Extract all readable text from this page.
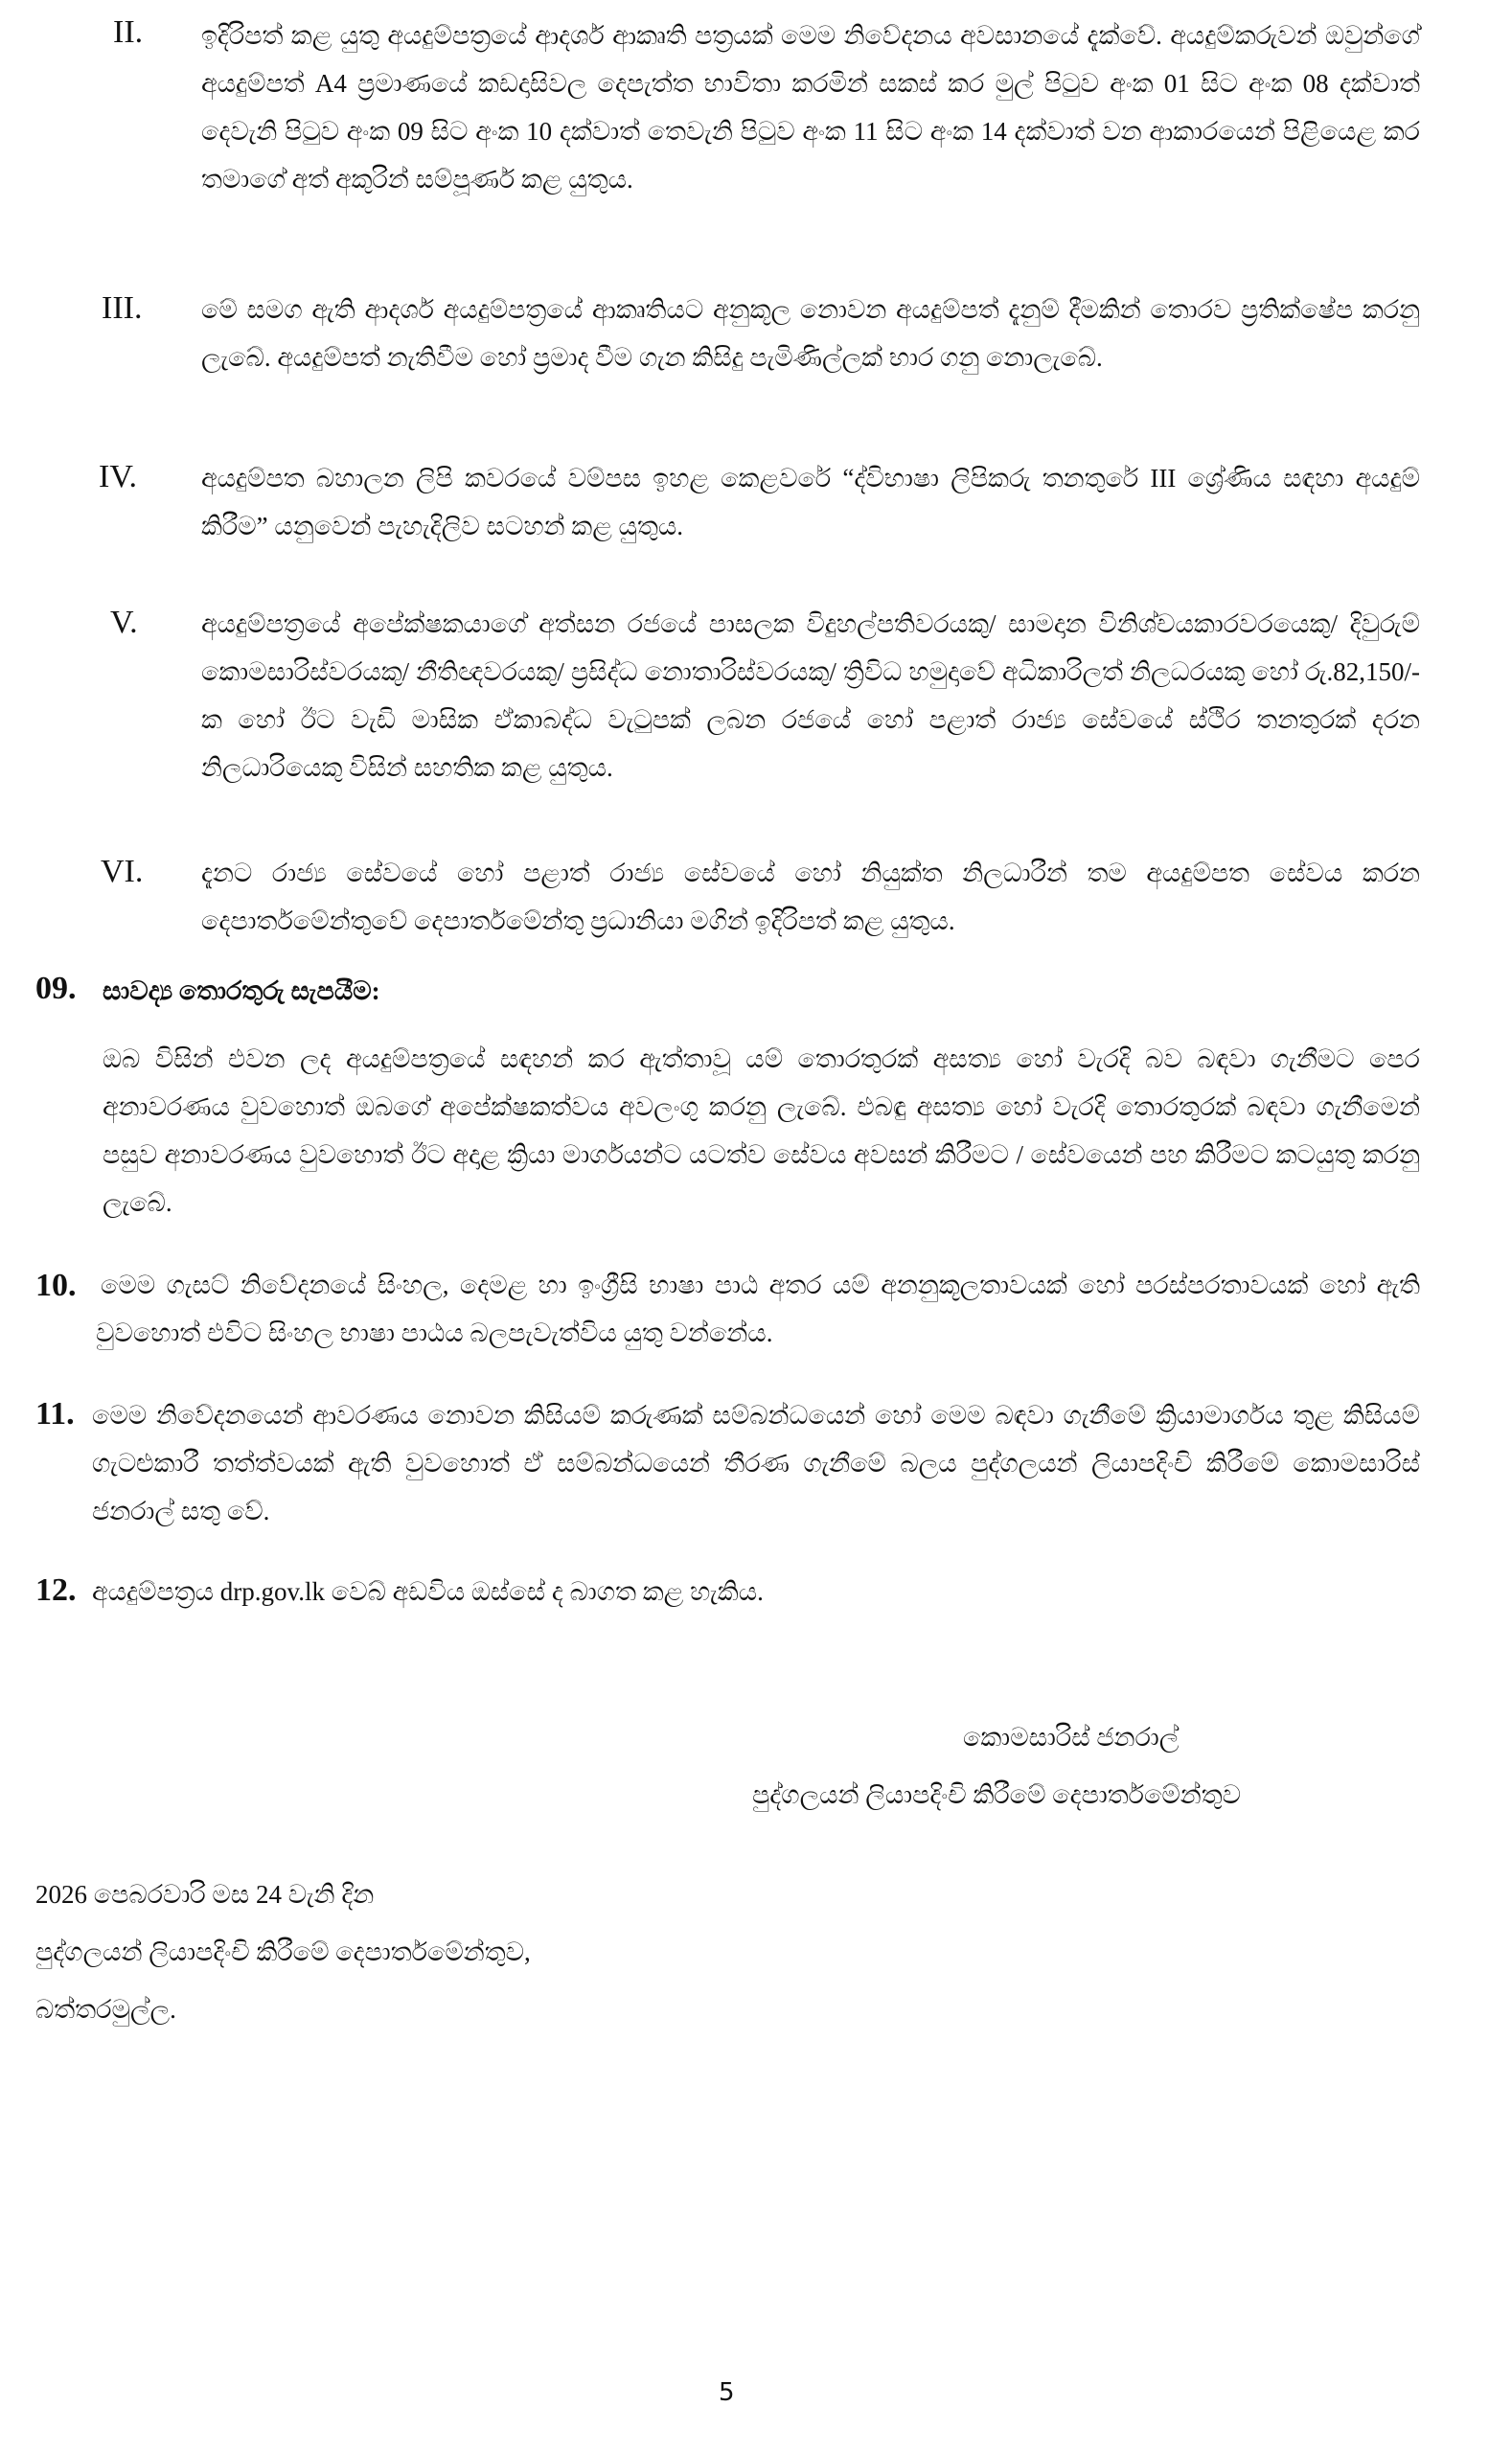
II. ඉදිරිපත් කළ යුතු අයදුම්පත්‍රයේ ආදර්ශ ආකෘති පත්‍රයක් මෙම නිවේදනය අවසානයේ දැක්වේ. අයදුම්කරුවන් ඔවුන්ගේ අයදුම්පත් A4 ප්‍රමාණයේ කඩදාසිවල දෙපැත්ත භාවිතා කරමින් සකස් කර මුල් පිටුව අංක 01 සිට අංක 08 දක්වාත් දෙවැනි පිටුව අංක 09 සිට අංක 10 දක්වාත් තෙවැනි පිටුව අංක 11 සිට අංක 14 දක්වාත් වන ආකාරයෙන් පිළියෙළ කර තමාගේ අත් අකුරින් සම්පූර්ණ කළ යුතුය.
III. මේ සමග ඇති ආදර්ශ අයදුම්පත්‍රයේ ආකෘතියට අනුකූල නොවන අයදුම්පත් දැනුම් දීමකින් තොරව ප්‍රතික්ෂේප කරනු ලැබේ. අයදුම්පත් නැතිවීම හෝ ප්‍රමාද වීම ගැන කිසිදු පැමිණිල්ලක් භාර ගනු නොලැබේ.
IV. අයදුම්පත බහාලන ලිපි කවරයේ වම්පස ඉහළ කෙළවරේ “ද්විභාෂා ලිපිකරු තනතුරේ III ශ්‍රේණිය සඳහා අයදුම් කිරීම” යනුවෙන් පැහැදිලිව සටහන් කළ යුතුය.
V. අයදුම්පත්‍රයේ අපේක්ෂකයාගේ අත්සන රජයේ පාසලක විදුහල්පතිවරයකු/ සාමදාන විනිශ්චයකාරවරයෙකු/ දිවුරුම් කොමසාරිස්වරයකු/ නීතිඥවරයකු/ ප්‍රසිද්ධ නොතාරිස්වරයකු/ ත්‍රිවිධ හමුදාවේ අධිකාරිලත් නිලධරයකු හෝ රු.82,150/- ක හෝ ඊට වැඩි මාසික ඒකාබද්ධ වැටුපක් ලබන රජයේ හෝ පළාත් රාජ්‍ය සේවයේ ස්ථිර තනතුරක් දරන නිලධාරියෙකු විසින් සහතික කළ යුතුය.
VI. දැනට රාජ්‍ය සේවයේ හෝ පළාත් රාජ්‍ය සේවයේ හෝ නියුක්ත නිලධාරීන් තම අයදුම්පත සේවය කරන දෙපාර්තමේන්තුවේ දෙපාර්තමේන්තු ප්‍රධානියා මගින් ඉදිරිපත් කළ යුතුය.
09. සාවද්‍ය තොරතුරු සැපයීම:
ඔබ විසින් එවන ලද අයදුම්පත්‍රයේ සඳහන් කර ඇත්තාවූ යම් තොරතුරක් අසත්‍ය හෝ වැරදි බව බඳවා ගැනීමට පෙර අනාවරණය වුවහොත් ඔබගේ අපේක්ෂකත්වය අවලංගු කරනු ලැබේ. එබඳු අසත්‍ය හෝ වැරදි තොරතුරක් බඳවා ගැනීමෙන් පසුව අනාවරණය වුවහොත් ඊට අදාළ ක්‍රියා මාර්ගයන්ට යටත්ව සේවය අවසන් කිරීමට / සේවයෙන් පහ කිරීමට කටයුතු කරනු ලැබේ.
10. මෙම ගැසට් නිවේදනයේ සිංහල, දෙමළ හා ඉංග්‍රීසි භාෂා පාඨ අතර යම් අනනුකූලතාවයක් හෝ පරස්පරතාවයක් හෝ ඇති වුවහොත් එවිට සිංහල භාෂා පාඨය බලපැවැත්විය යුතු වන්නේය.
11. මෙම නිවේදනයෙන් ආවරණය නොවන කිසියම් කරුණක් සම්බන්ධයෙන් හෝ මෙම බඳවා ගැනීමේ ක්‍රියාමාර්ගය තුළ කිසියම් ගැටළුකාරී තත්ත්වයක් ඇති වුවහොත් ඒ සම්බන්ධයෙන් තීරණ ගැනීමේ බලය පුද්ගලයන් ලියාපදිංචි කිරීමේ කොමසාරිස් ජනරාල් සතු වේ.
12. අයදුම්පත්‍රය drp.gov.lk වෙබ් අඩවිය ඔස්සේ ද බාගත කළ හැකිය.
කොමසාරිස් ජනරාල්
පුද්ගලයන් ලියාපදිංචි කිරීමේ දෙපාර්තමේන්තුව
2026 පෙබරවාරි මස 24 වැනි දින
පුද්ගලයන් ලියාපදිංචි කිරීමේ දෙපාර්තමේන්තුව,
බත්තරමුල්ල.
5
